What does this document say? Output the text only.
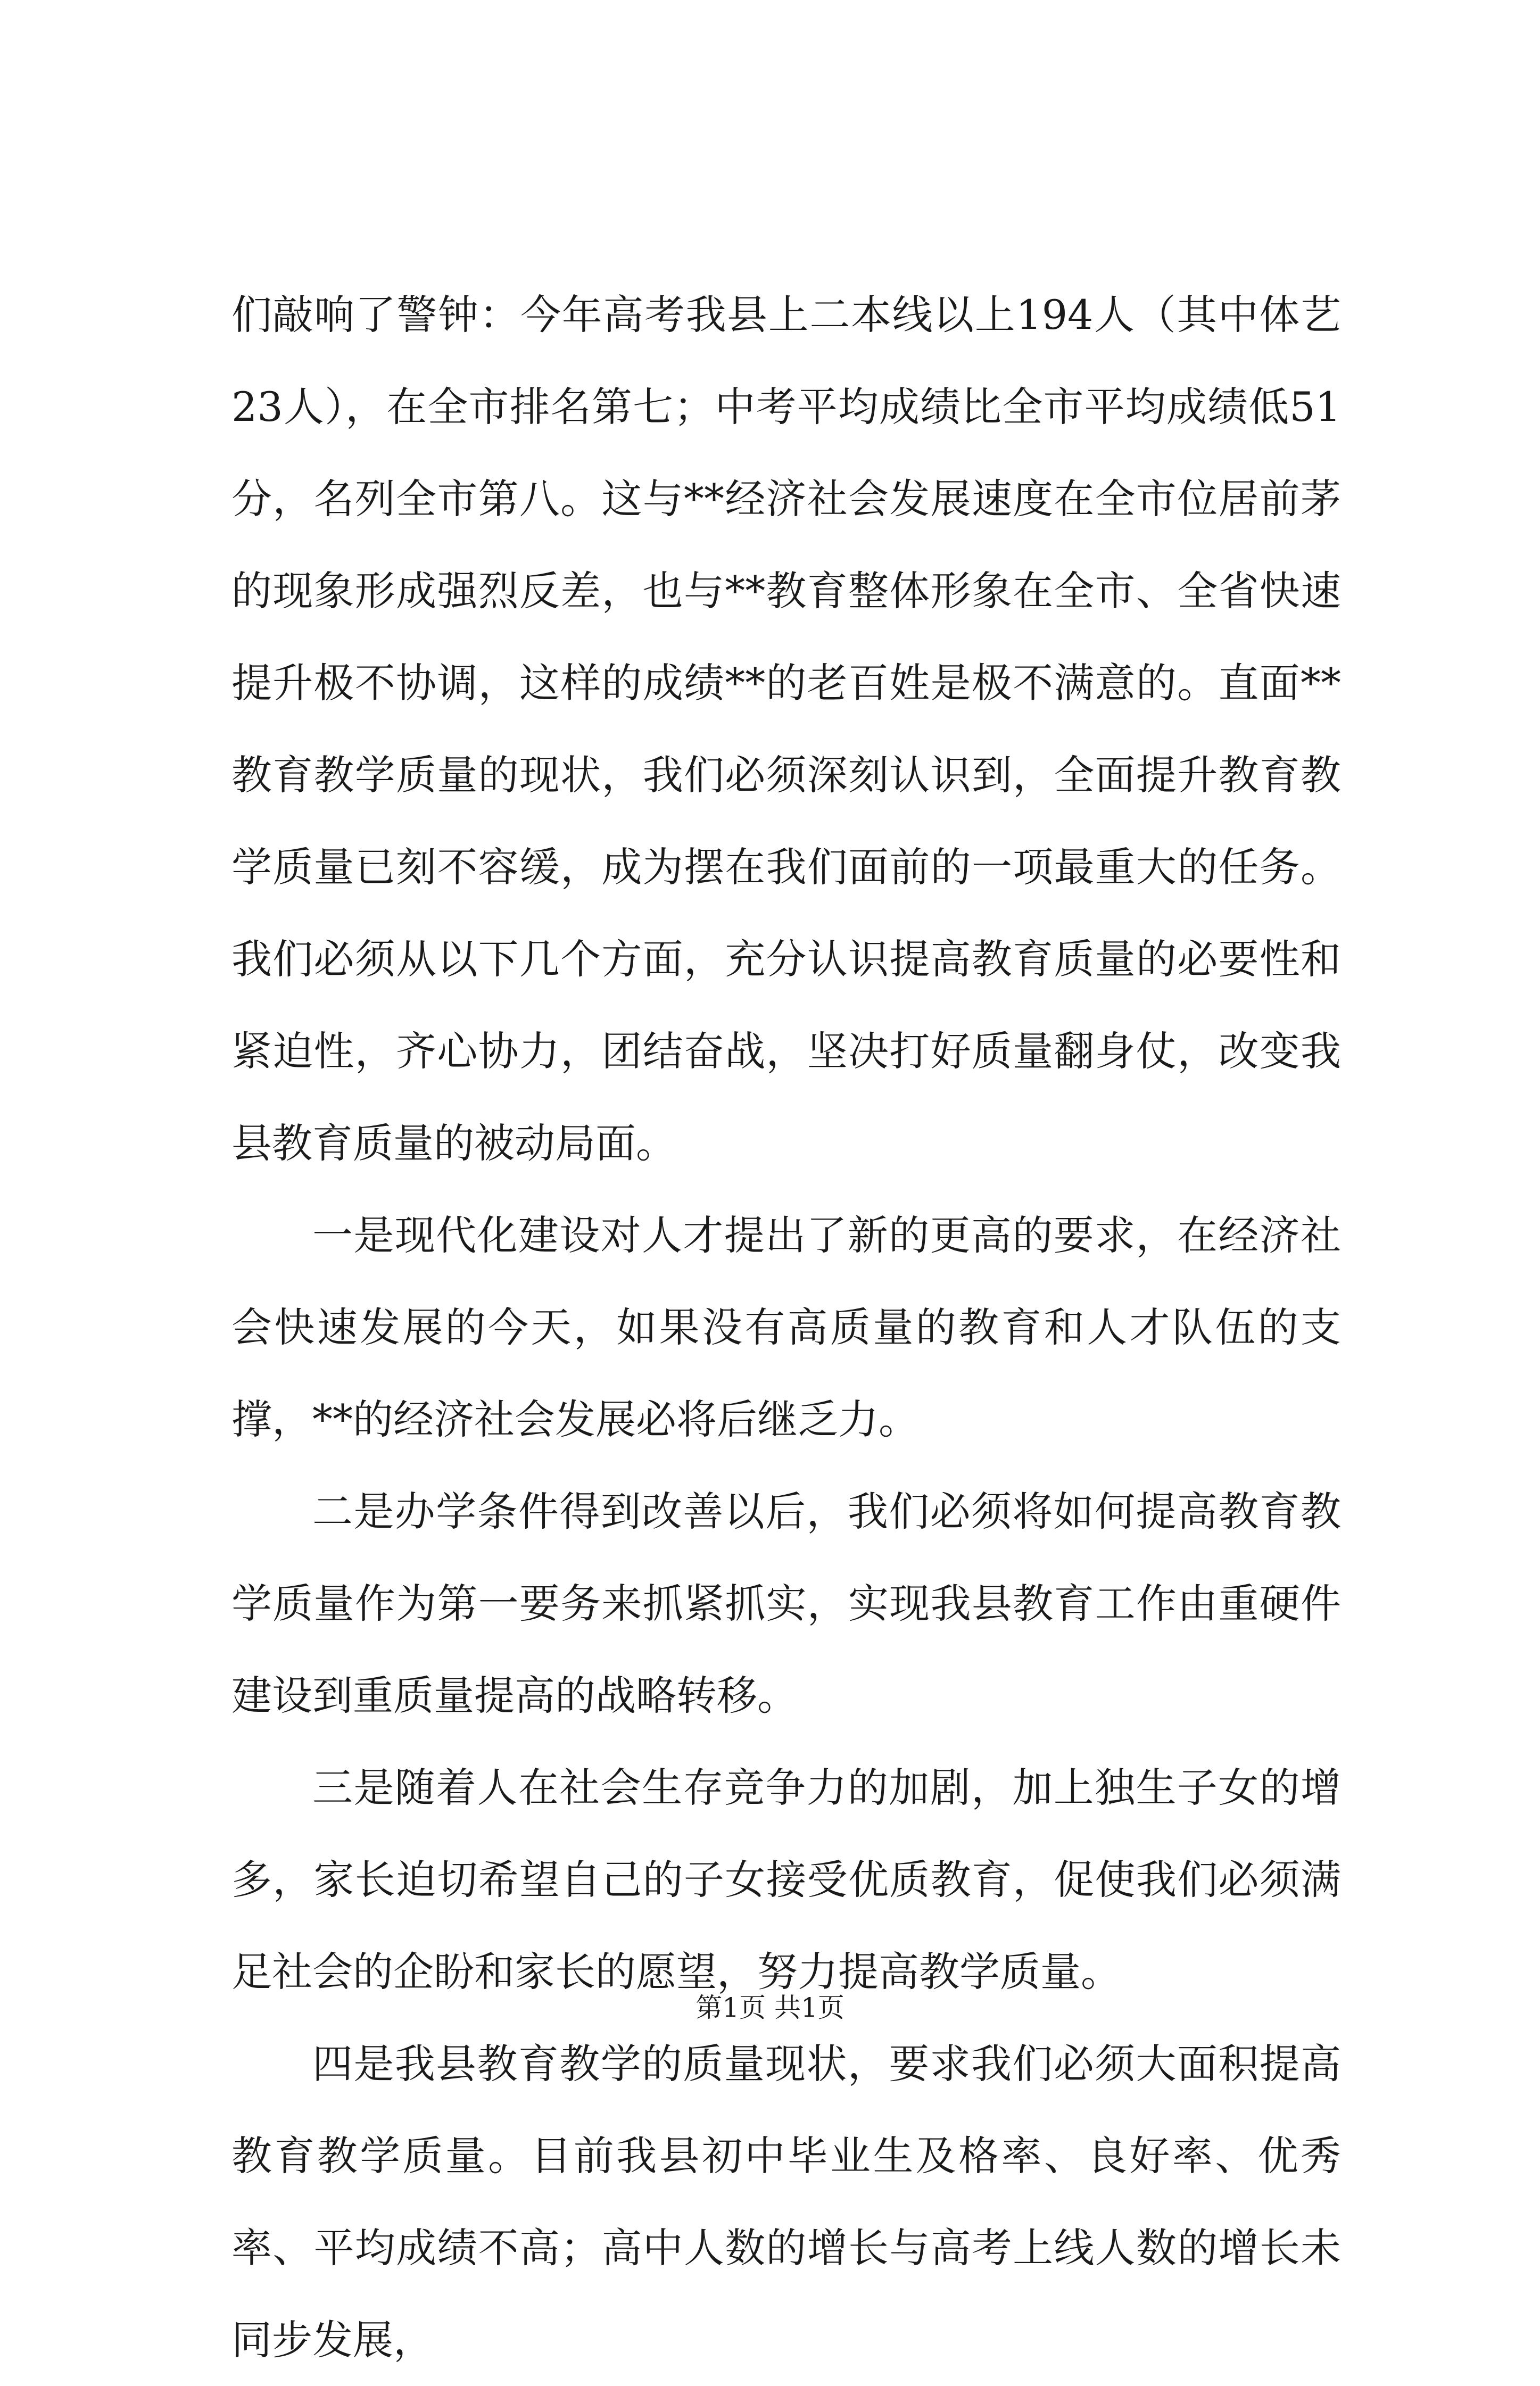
们敲响了警钟：今年高考我县上二本线以上194人（其中体艺23人），在全市排名第七；中考平均成绩比全市平均成绩低51分，名列全市第八。这与**经济社会发展速度在全市位居前茅的现象形成强烈反差，也与**教育整体形象在全市、全省快速提升极不协调，这样的成绩**的老百姓是极不满意的。直面**教育教学质量的现状，我们必须深刻认识到，全面提升教育教学质量已刻不容缓，成为摆在我们面前的一项最重大的任务。我们必须从以下几个方面，充分认识提高教育质量的必要性和紧迫性，齐心协力，团结奋战，坚决打好质量翻身仗，改变我县教育质量的被动局面。

一是现代化建设对人才提出了新的更高的要求，在经济社会快速发展的今天，如果没有高质量的教育和人才队伍的支撑，**的经济社会发展必将后继乏力。

二是办学条件得到改善以后，我们必须将如何提高教育教学质量作为第一要务来抓紧抓实，实现我县教育工作由重硬件建设到重质量提高的战略转移。

三是随着人在社会生存竞争力的加剧，加上独生子女的增多，家长迫切希望自己的子女接受优质教育，促使我们必须满足社会的企盼和家长的愿望，努力提高教学质量。

四是我县教育教学的质量现状，要求我们必须大面积提高教育教学质量。目前我县初中毕业生及格率、良好率、优秀率、平均成绩不高；高中人数的增长与高考上线人数的增长未同步发展，

第1页 共1页
